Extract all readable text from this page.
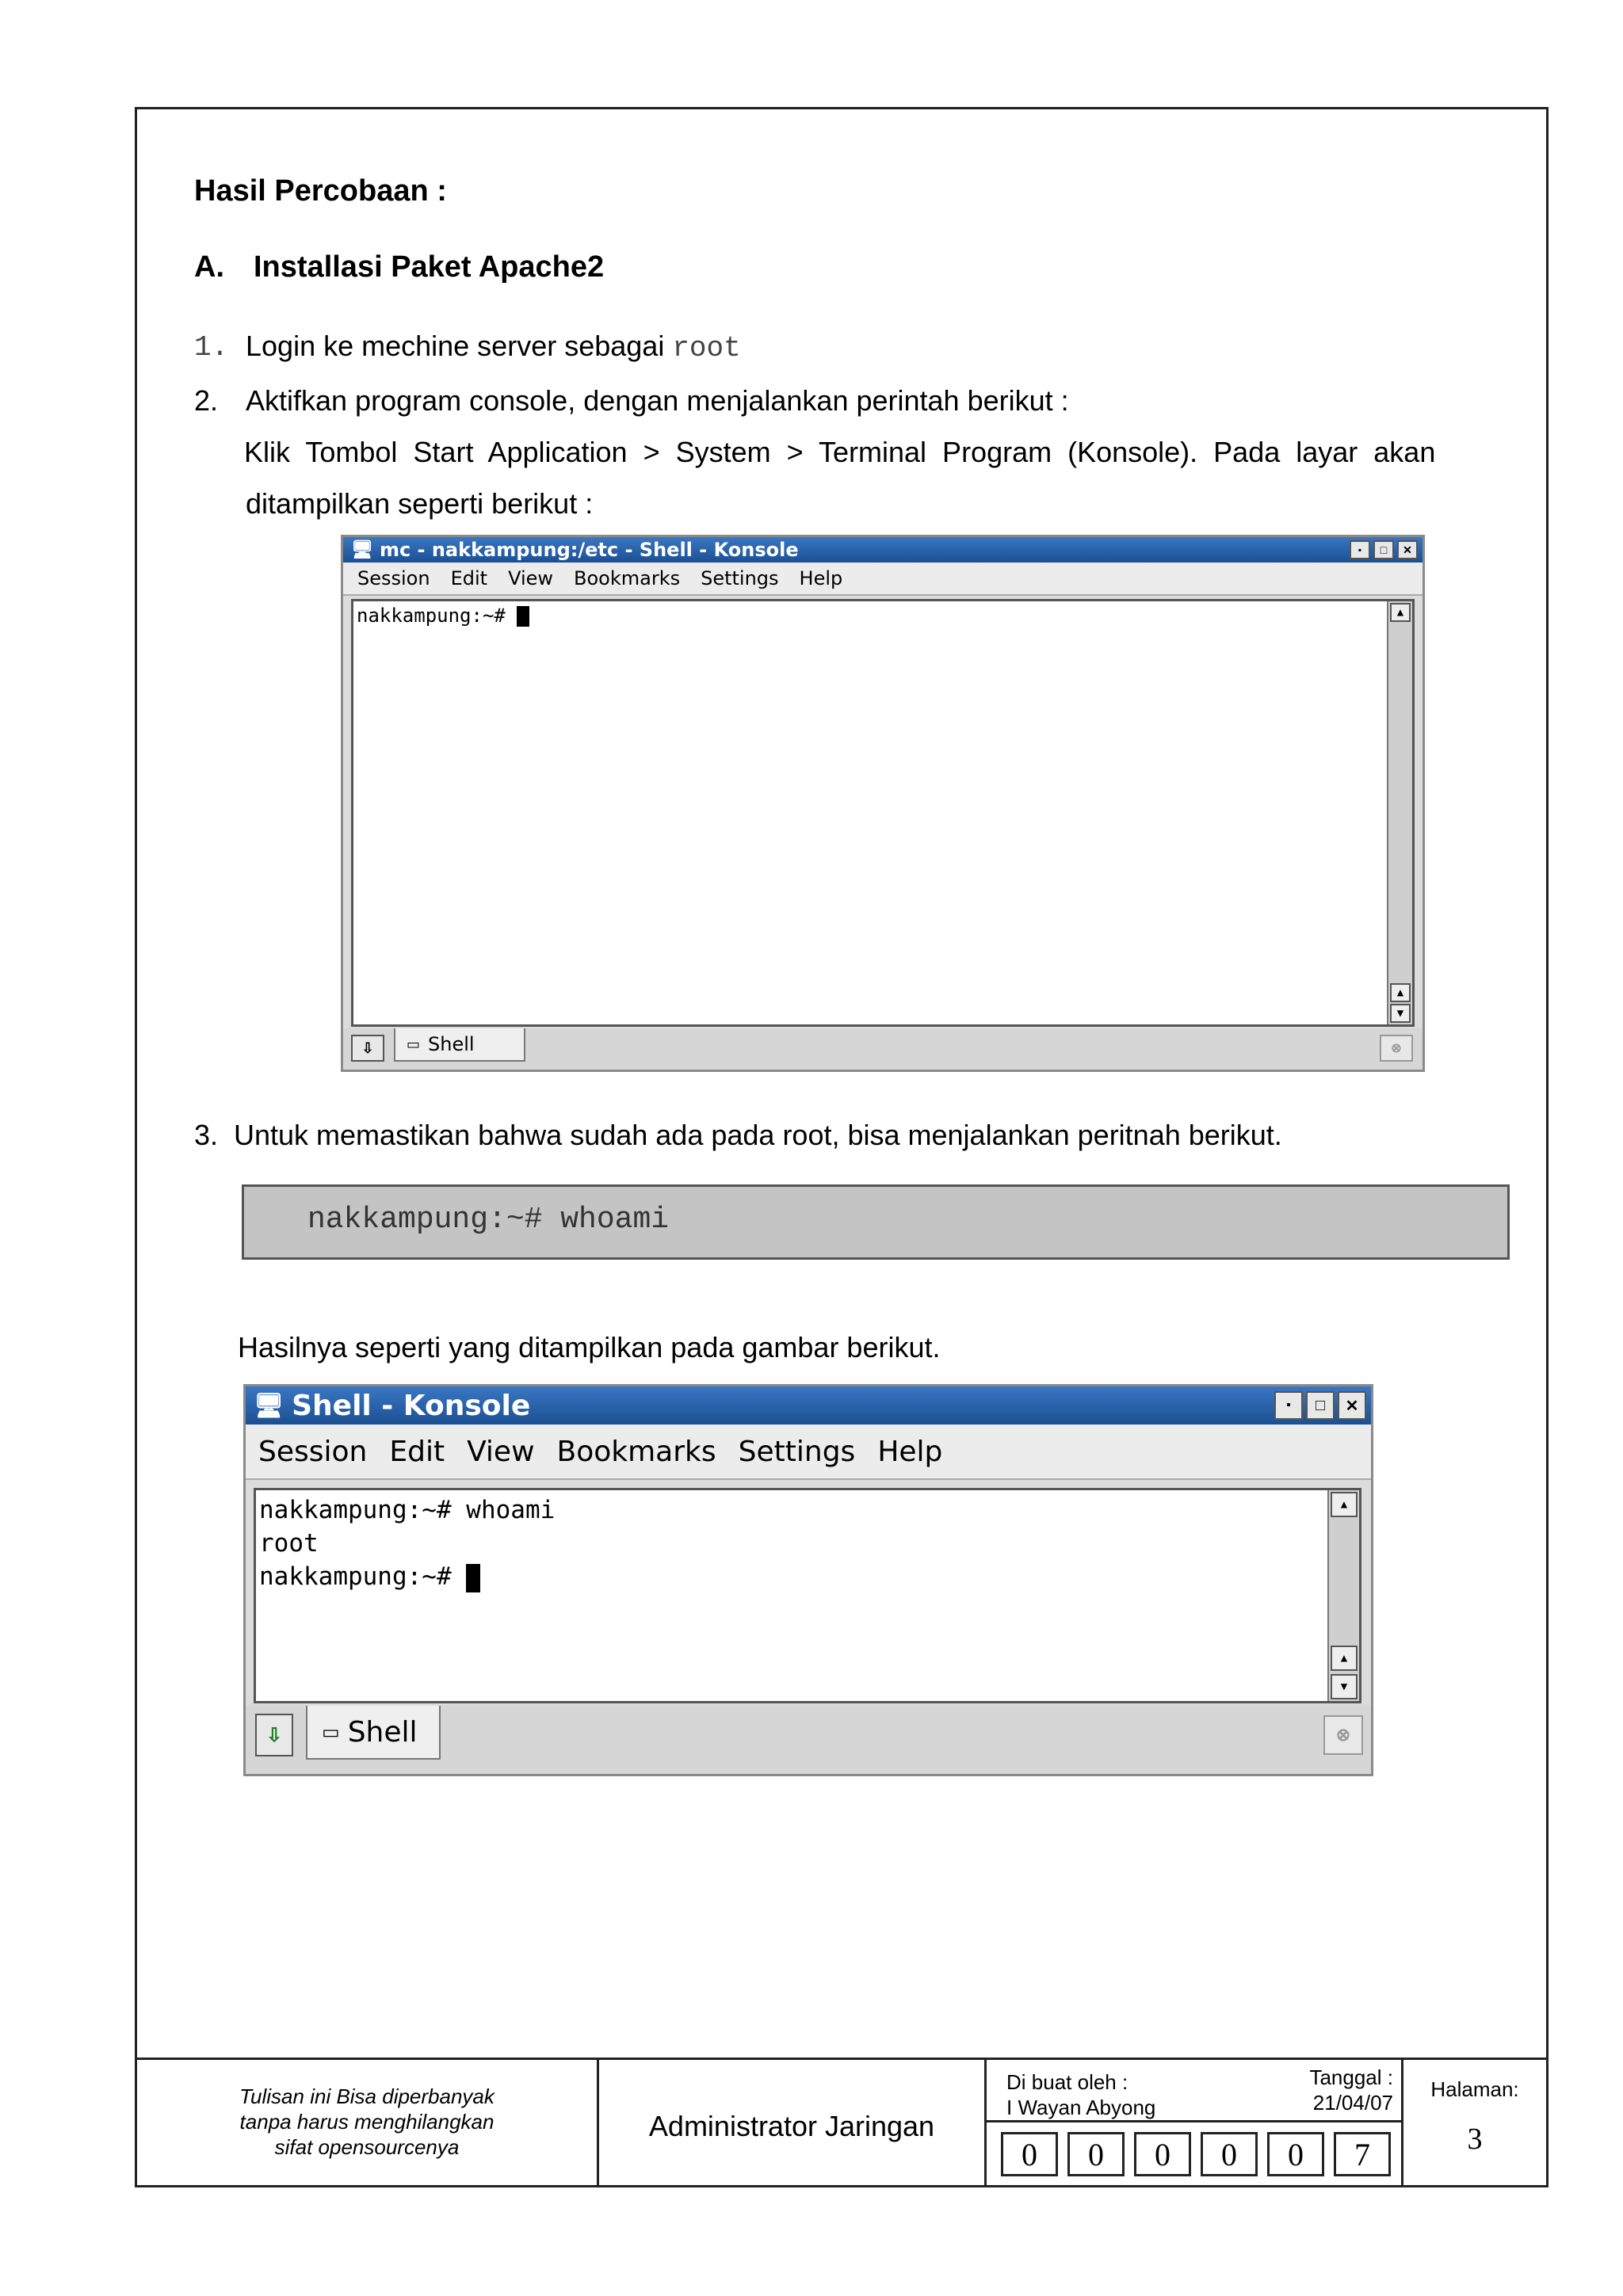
Hasil Percobaan :
A. Installasi Paket Apache2
1. Login ke mechine server sebagai root
2. Aktifkan program console, dengan menjalankan perintah berikut :
Klik  Tombol  Start  Application  >  System  >  Terminal  Program  (Konsole).  Pada  layar  akan
ditampilkan seperti berikut :
🖥 mc - nakkampung:/etc - Shell - Konsole	▪	□	✕
Session Edit View Bookmarks Settings Help
nakkampung:~#	▲
▲
▼
⇩	▭ Shell	⊗
3. Untuk memastikan bahwa sudah ada pada root, bisa menjalankan peritnah berikut.
nakkampung:~# whoami
Hasilnya seperti yang ditampilkan pada gambar berikut.
🖥 Shell - Konsole	▪	□	✕
Session Edit View Bookmarks Settings Help
nakkampung:~# whoami
root
nakkampung:~#
▲
▲
▼
⇩	▭ Shell	⊗
Tulisan ini Bisa diperbanyak
tanpa harus menghilangkan
sifat opensourcenya
Administrator Jaringan
Di buat oleh :
I Wayan Abyong
Tanggal :
21/04/07
0	0	0	0	0	7
Halaman:
3
